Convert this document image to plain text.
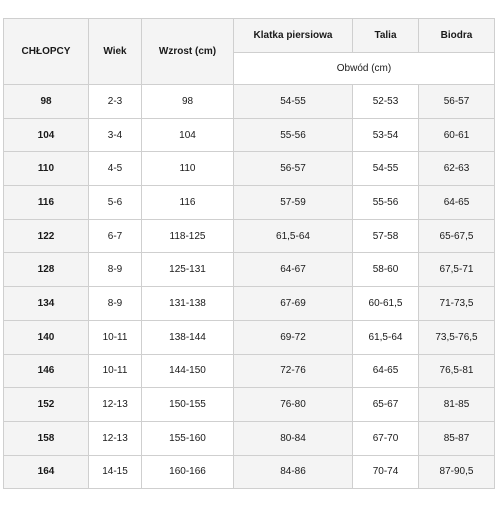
CHŁOPCY	Wiek	Wzrost (cm)	Klatka piersiowa	Talia	Biodra
			Obwód (cm)		
98	2-3	98	54-55	52-53	56-57
104	3-4	104	55-56	53-54	60-61
110	4-5	110	56-57	54-55	62-63
116	5-6	116	57-59	55-56	64-65
122	6-7	118-125	61,5-64	57-58	65-67,5
128	8-9	125-131	64-67	58-60	67,5-71
134	8-9	131-138	67-69	60-61,5	71-73,5
140	10-11	138-144	69-72	61,5-64	73,5-76,5
146	10-11	144-150	72-76	64-65	76,5-81
152	12-13	150-155	76-80	65-67	81-85
158	12-13	155-160	80-84	67-70	85-87
164	14-15	160-166	84-86	70-74	87-90,5
